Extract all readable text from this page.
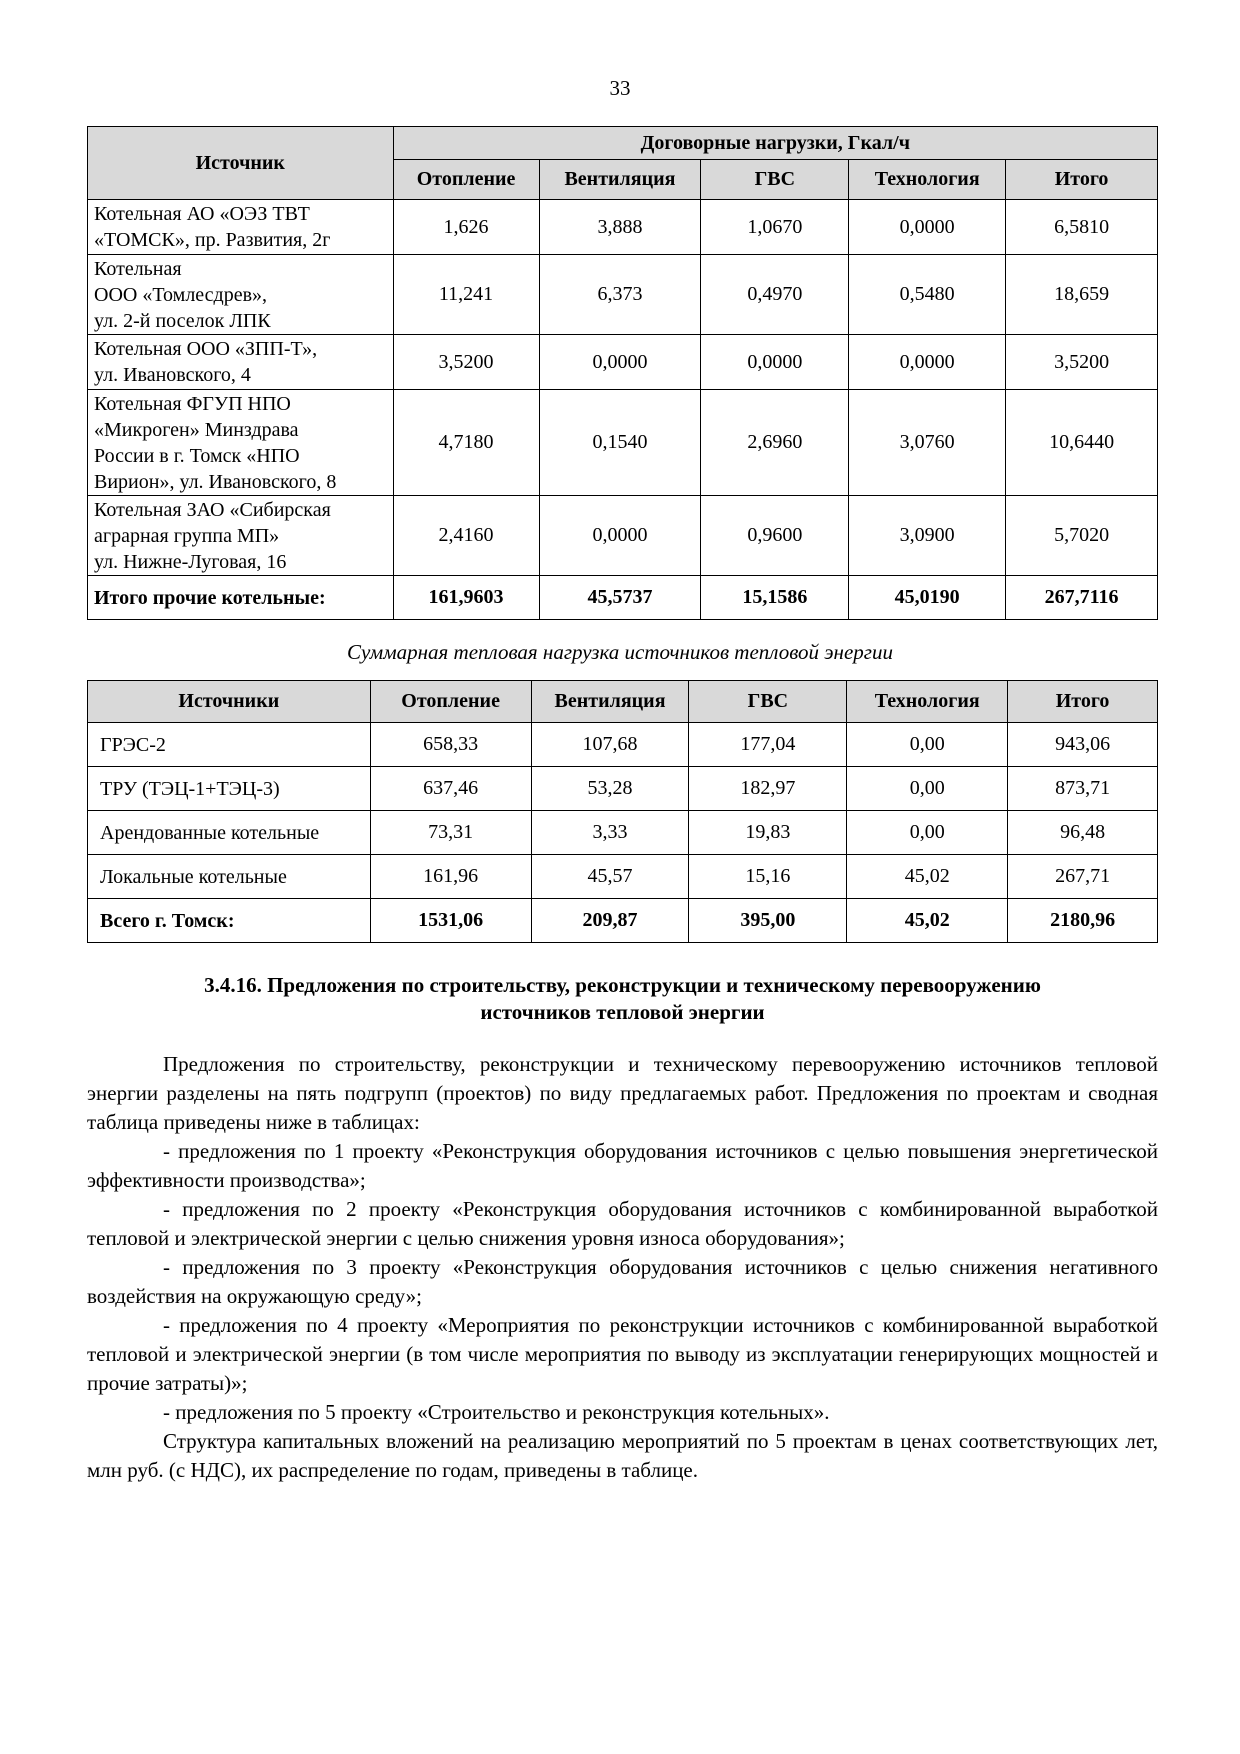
33
Источник	Договорные нагрузки, Гкал/ч				
	Отопление	Вентиляция	ГВС	Технология	Итого
Котельная АО «ОЭЗ ТВТ
«ТОМСК», пр. Развития, 2г	1,626	3,888	1,0670	0,0000	6,5810
Котельная
ООО «Томлесдрев»,
ул. 2-й поселок ЛПК	11,241	6,373	0,4970	0,5480	18,659
Котельная ООО «ЗПП-Т»,
ул. Ивановского, 4	3,5200	0,0000	0,0000	0,0000	3,5200
Котельная ФГУП НПО
«Микроген» Минздрава
России в г. Томск «НПО
Вирион», ул. Ивановского, 8	4,7180	0,1540	2,6960	3,0760	10,6440
Котельная ЗАО «Сибирская
аграрная группа МП»
ул. Нижне-Луговая, 16	2,4160	0,0000	0,9600	3,0900	5,7020
Итого прочие котельные:	161,9603	45,5737	15,1586	45,0190	267,7116
Суммарная тепловая нагрузка источников тепловой энергии
Источники	Отопление	Вентиляция	ГВС	Технология	Итого
ГРЭС-2	658,33	107,68	177,04	0,00	943,06
ТРУ (ТЭЦ-1+ТЭЦ-3)	637,46	53,28	182,97	0,00	873,71
Арендованные котельные	73,31	3,33	19,83	0,00	96,48
Локальные котельные	161,96	45,57	15,16	45,02	267,71
Всего г. Томск:	1531,06	209,87	395,00	45,02	2180,96
3.4.16. Предложения по строительству, реконструкции и техническому перевооружению
источников тепловой энергии

Предложения по строительству, реконструкции и техническому перевооружению источников тепловой энергии разделены на пять подгрупп (проектов) по виду предлагаемых работ. Предложения по проектам и сводная таблица приведены ниже в таблицах:

- предложения по 1 проекту «Реконструкция оборудования источников с целью повышения энергетической эффективности производства»;

- предложения по 2 проекту «Реконструкция оборудования источников с комбинированной выработкой тепловой и электрической энергии с целью снижения уровня износа оборудования»;

- предложения по 3 проекту «Реконструкция оборудования источников с целью снижения негативного воздействия на окружающую среду»;

- предложения по 4 проекту «Мероприятия по реконструкции источников с комбинированной выработкой тепловой и электрической энергии (в том числе мероприятия по выводу из эксплуатации генерирующих мощностей и прочие затраты)»;

- предложения по 5 проекту «Строительство и реконструкция котельных».

Структура капитальных вложений на реализацию мероприятий по 5 проектам в ценах соответствующих лет, млн руб. (с НДС), их распределение по годам, приведены в таблице.
